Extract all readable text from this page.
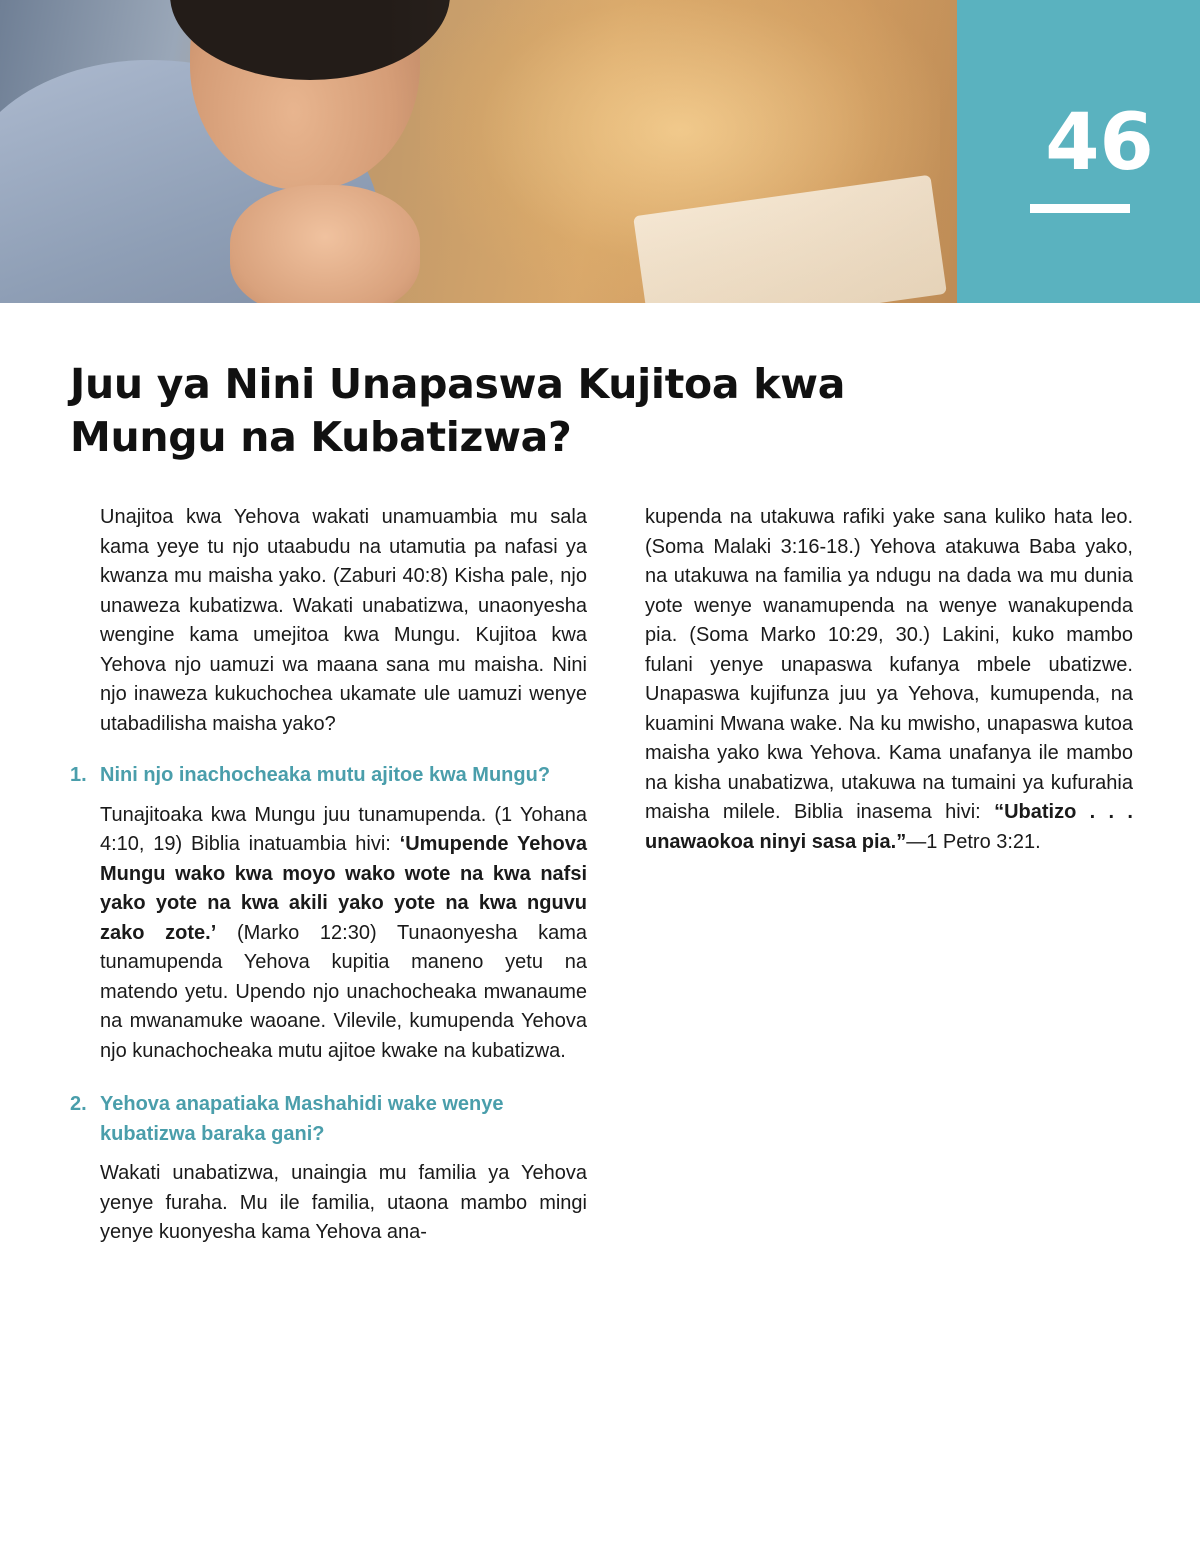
46
Juu ya Nini Unapaswa Kujitoa kwa
Mungu na Kubatizwa?

Unajitoa kwa Yehova wakati unamuambia mu sala kama yeye tu njo utaabudu na utamutia pa nafasi ya kwanza mu maisha yako. (Zaburi 40:8) Kisha pale, njo unaweza kubatizwa. Wakati unabatizwa, unaonyesha wengine kama umejitoa kwa Mungu. Kujitoa kwa Yehova njo uamuzi wa maana sana mu maisha. Nini njo inaweza kukuchochea ukamate ule uamuzi wenye utabadilisha maisha yako?

1. Nini njo inachocheaka mutu ajitoe kwa Mungu?

Tunajitoaka kwa Mungu juu tunamupenda. (1 Yohana 4:10, 19) Biblia inatuambia hivi: ‘Umupende Yehova Mungu wako kwa moyo wako wote na kwa nafsi yako yote na kwa akili yako yote na kwa nguvu zako zote.’ (Marko 12:30) Tunaonyesha kama tunamupenda Yehova kupitia maneno yetu na matendo yetu. Upendo njo unachocheaka mwanaume na mwanamuke waoane. Vilevile, kumupenda Yehova njo kunachocheaka mutu ajitoe kwake na kubatizwa.

2. Yehova anapatiaka Mashahidi wake wenye kubatizwa baraka gani?

Wakati unabatizwa, unaingia mu familia ya Yehova yenye furaha. Mu ile familia, utaona mambo mingi yenye kuonyesha kama Yehova ana-

kupenda na utakuwa rafiki yake sana kuliko hata leo. (Soma Malaki 3:16-18.) Yehova atakuwa Baba yako, na utakuwa na familia ya ndugu na dada wa mu dunia yote wenye wanamupenda na wenye wanakupenda pia. (Soma Marko 10:29, 30.) Lakini, kuko mambo fulani yenye unapaswa kufanya mbele ubatizwe. Unapaswa kujifunza juu ya Yehova, kumupenda, na kuamini Mwana wake. Na ku mwisho, unapaswa kutoa maisha yako kwa Yehova. Kama unafanya ile mambo na kisha unabatizwa, utakuwa na tumaini ya kufurahia maisha milele. Biblia inasema hivi: “Ubatizo . . . unawaokoa ninyi sasa pia.”—1 Petro 3:21.
